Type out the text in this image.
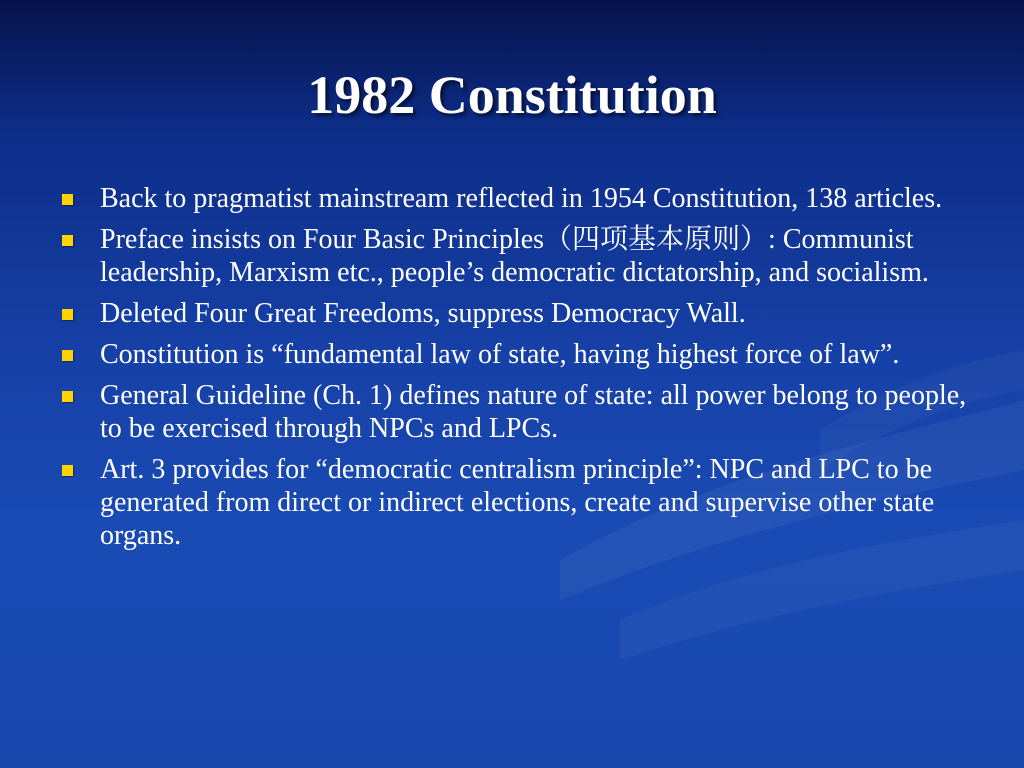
1982 Constitution
Back to pragmatist mainstream reflected in 1954 Constitution, 138 articles.
Preface insists on Four Basic Principles（四项基本原则）: Communist leadership, Marxism etc., people’s democratic dictatorship, and socialism.
Deleted Four Great Freedoms, suppress Democracy Wall.
Constitution is “fundamental law of state, having highest force of law”.
General Guideline (Ch. 1) defines nature of state: all power belong to people, to be exercised through NPCs and LPCs.
Art. 3 provides for “democratic centralism principle”: NPC and LPC to be generated from direct or indirect elections, create and supervise other state organs.
